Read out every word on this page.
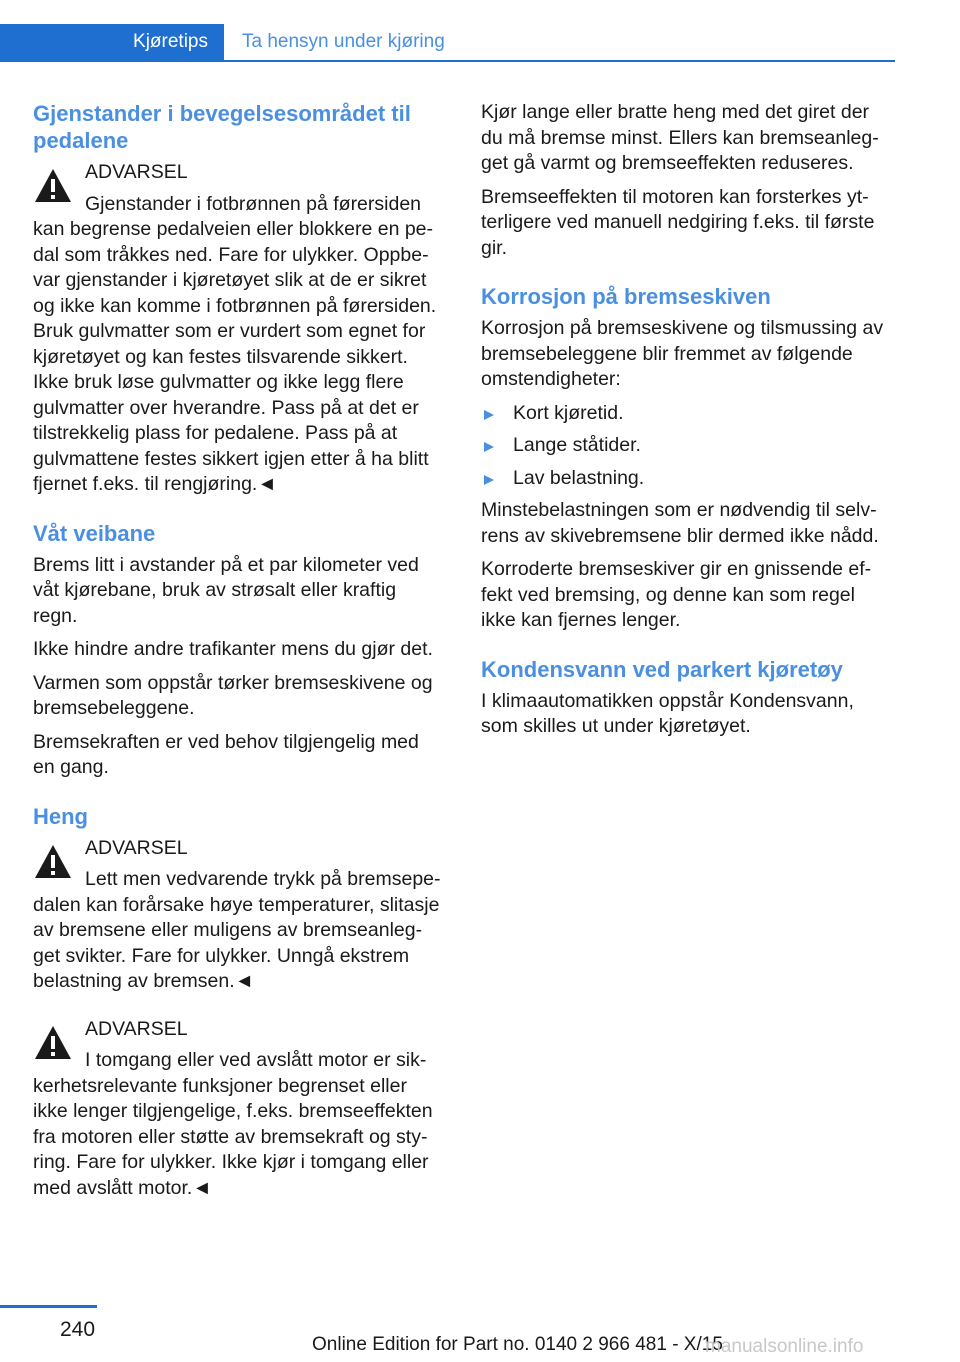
Kjøretips	Ta hensyn under kjøring
Gjenstander i bevegelsesområdet til pedalene
ADVARSEL

Gjenstander i fotbrønnen på førersiden kan begrense pedalveien eller blokkere en pe-dal som tråkkes ned. Fare for ulykker. Oppbe-var gjenstander i kjøretøyet slik at de er sikret og ikke kan komme i fotbrønnen på førersiden. Bruk gulvmatter som er vurdert som egnet for kjøretøyet og kan festes tilsvarende sikkert. Ikke bruk løse gulvmatter og ikke legg flere gulvmatter over hverandre. Pass på at det er tilstrekkelig plass for pedalene. Pass på at gulvmattene festes sikkert igjen etter å ha blitt fjernet f.eks. til rengjøring.◄

Våt veibane

Brems litt i avstander på et par kilometer ved våt kjørebane, bruk av strøsalt eller kraftig regn.

Ikke hindre andre trafikanter mens du gjør det.

Varmen som oppstår tørker bremseskivene og bremsebeleggene.

Bremsekraften er ved behov tilgjengelig med en gang.

Heng
ADVARSEL

Lett men vedvarende trykk på bremsepe-dalen kan forårsake høye temperaturer, slitasje av bremsene eller muligens av bremseanleg-get svikter. Fare for ulykker. Unngå ekstrem belastning av bremsen.◄

ADVARSEL

I tomgang eller ved avslått motor er sik-kerhetsrelevante funksjoner begrenset eller ikke lenger tilgjengelige, f.eks. bremseeffekten fra motoren eller støtte av bremsekraft og sty-ring. Fare for ulykker. Ikke kjør i tomgang eller med avslått motor.◄

Kjør lange eller bratte heng med det giret der du må bremse minst. Ellers kan bremseanleg-get gå varmt og bremseeffekten reduseres.

Bremseeffekten til motoren kan forsterkes yt-terligere ved manuell nedgiring f.eks. til første gir.

Korrosjon på bremseskiven

Korrosjon på bremseskivene og tilsmussing av bremsebeleggene blir fremmet av følgende omstendigheter:

Kort kjøretid.
Lange ståtider.
Lav belastning.

Minstebelastningen som er nødvendig til selv-rens av skivebremsene blir dermed ikke nådd.

Korroderte bremseskiver gir en gnissende ef-fekt ved bremsing, og denne kan som regel ikke kan fjernes lenger.

Kondensvann ved parkert kjøretøy

I klimaautomatikken oppstår Kondensvann, som skilles ut under kjøretøyet.

240
Online Edition for Part no. 0140 2 966 481 - X/15
manualsonline.info
